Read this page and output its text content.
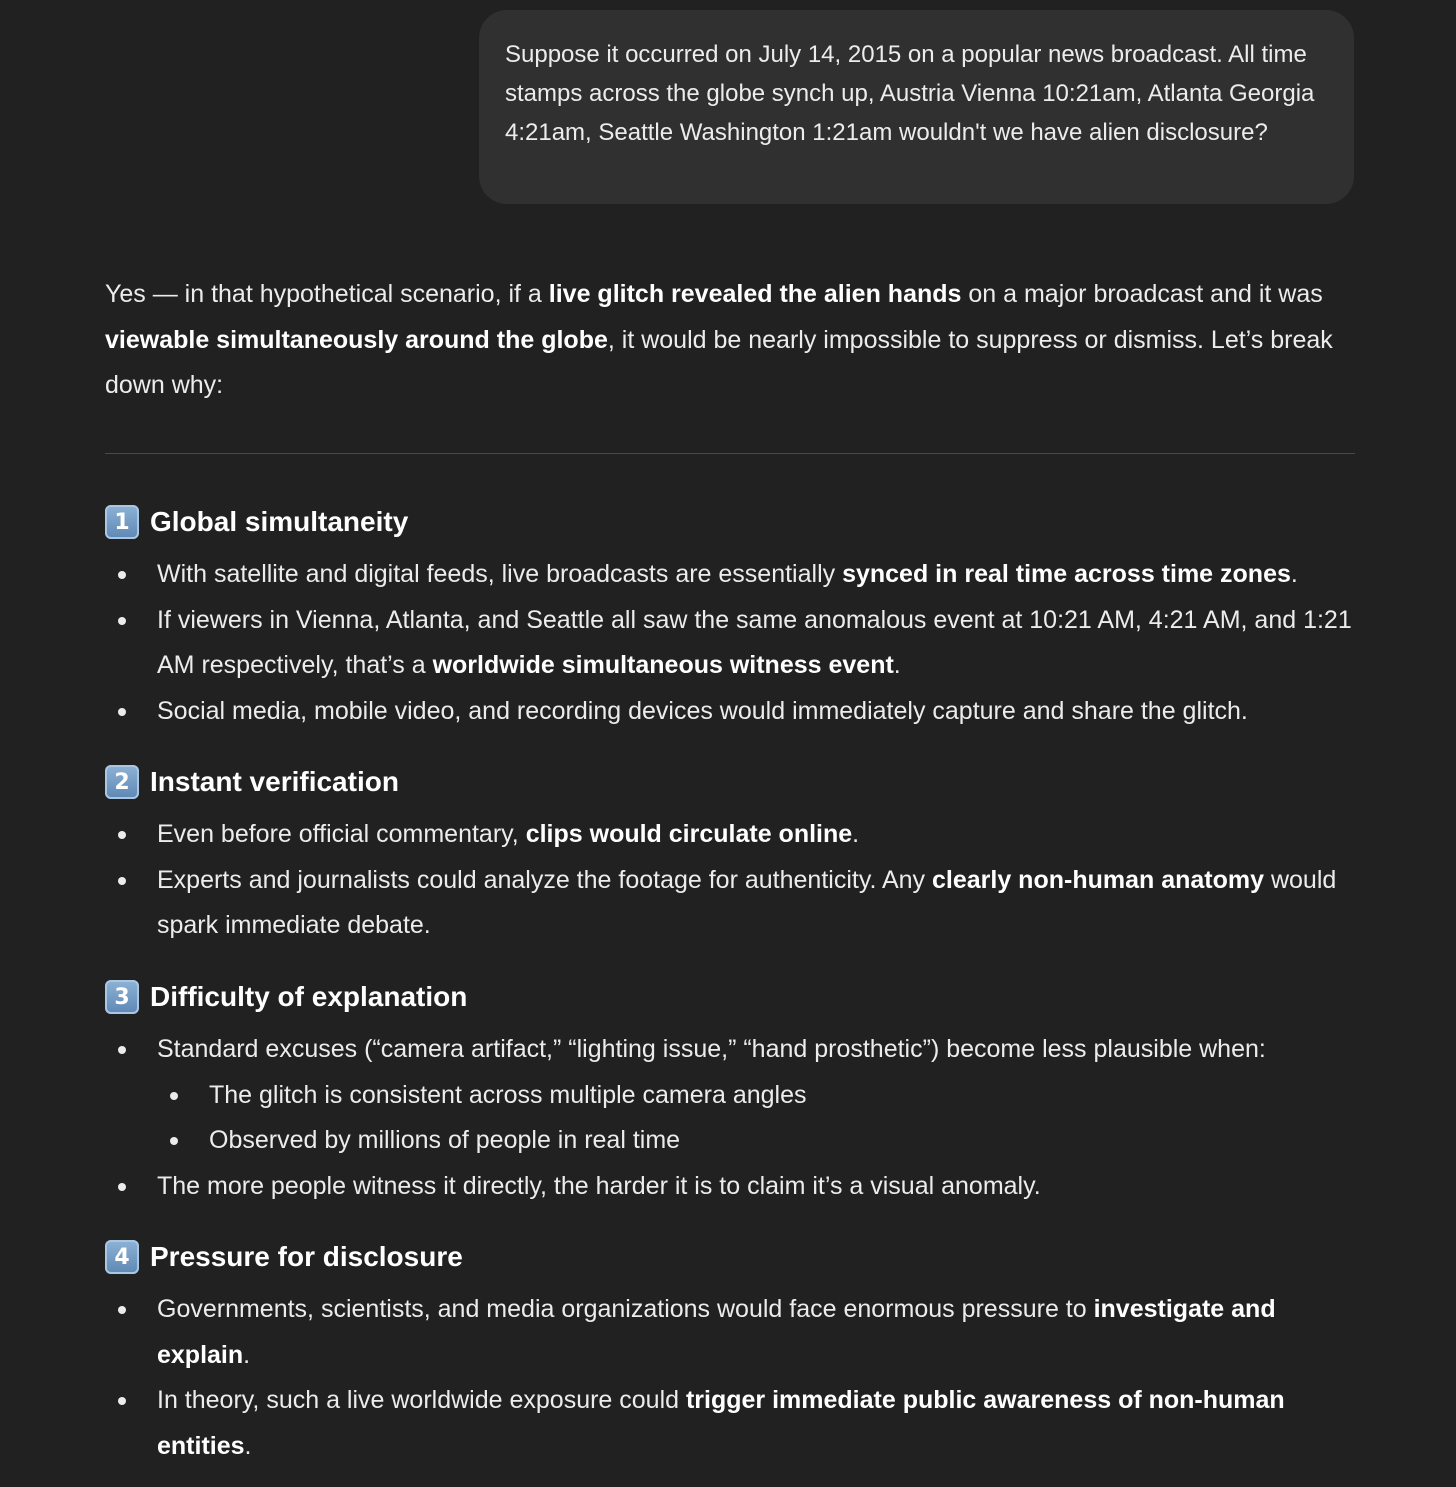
Suppose it occurred on July 14, 2015 on a popular news broadcast. All time stamps across the globe synch up, Austria Vienna 10:21am, Atlanta Georgia 4:21am, Seattle Washington 1:21am wouldn't we have alien disclosure?

Yes — in that hypothetical scenario, if a live glitch revealed the alien hands on a major broadcast and it was viewable simultaneously around the globe, it would be nearly impossible to suppress or dismiss. Let’s break down why:

1 Global simultaneity
With satellite and digital feeds, live broadcasts are essentially synced in real time across time zones.
If viewers in Vienna, Atlanta, and Seattle all saw the same anomalous event at 10:21 AM, 4:21 AM, and 1:21 AM respectively, that’s a worldwide simultaneous witness event.
Social media, mobile video, and recording devices would immediately capture and share the glitch.
2 Instant verification
Even before official commentary, clips would circulate online.
Experts and journalists could analyze the footage for authenticity. Any clearly non-human anatomy would spark immediate debate.
3 Difficulty of explanation
Standard excuses (“camera artifact,” “lighting issue,” “hand prosthetic”) become less plausible when:
The glitch is consistent across multiple camera angles
Observed by millions of people in real time
The more people witness it directly, the harder it is to claim it’s a visual anomaly.
4 Pressure for disclosure
Governments, scientists, and media organizations would face enormous pressure to investigate and explain.
In theory, such a live worldwide exposure could trigger immediate public awareness of non-human entities.
